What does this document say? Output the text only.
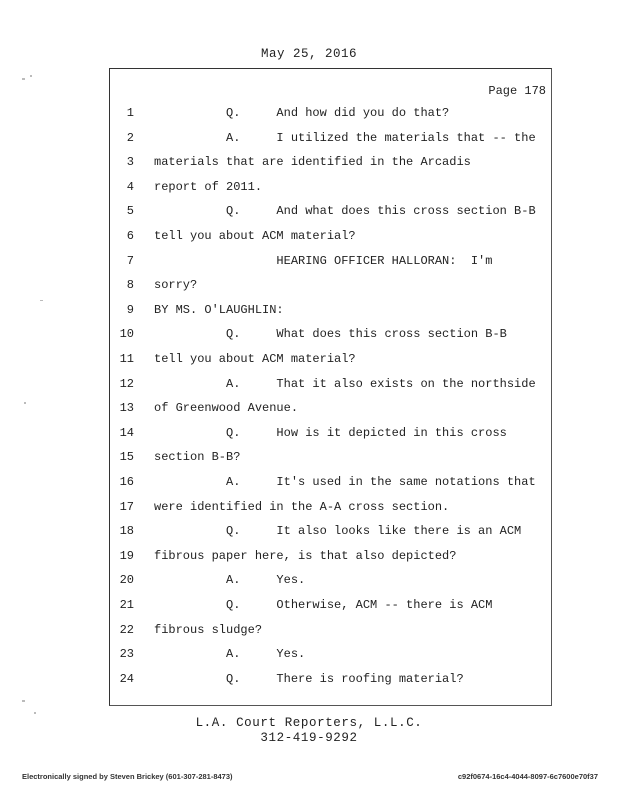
May 25, 2016
Page 178
1 Q.     And how did you do that?
2 A.     I utilized the materials that -- the
3 materials that are identified in the Arcadis
4 report of 2011.
5 Q.     And what does this cross section B-B
6 tell you about ACM material?
7 HEARING OFFICER HALLORAN:  I'm
8 sorry?
9 BY MS. O'LAUGHLIN:
10 Q.     What does this cross section B-B
11 tell you about ACM material?
12 A.     That it also exists on the northside
13 of Greenwood Avenue.
14 Q.     How is it depicted in this cross
15 section B-B?
16 A.     It's used in the same notations that
17 were identified in the A-A cross section.
18 Q.     It also looks like there is an ACM
19 fibrous paper here, is that also depicted?
20 A.     Yes.
21 Q.     Otherwise, ACM -- there is ACM
22 fibrous sludge?
23 A.     Yes.
24 Q.     There is roofing material?
L.A. Court Reporters, L.L.C.
312-419-9292
Electronically signed by Steven Brickey (601-307-281-8473)	c92f0674-16c4-4044-8097-6c7600e70f37
